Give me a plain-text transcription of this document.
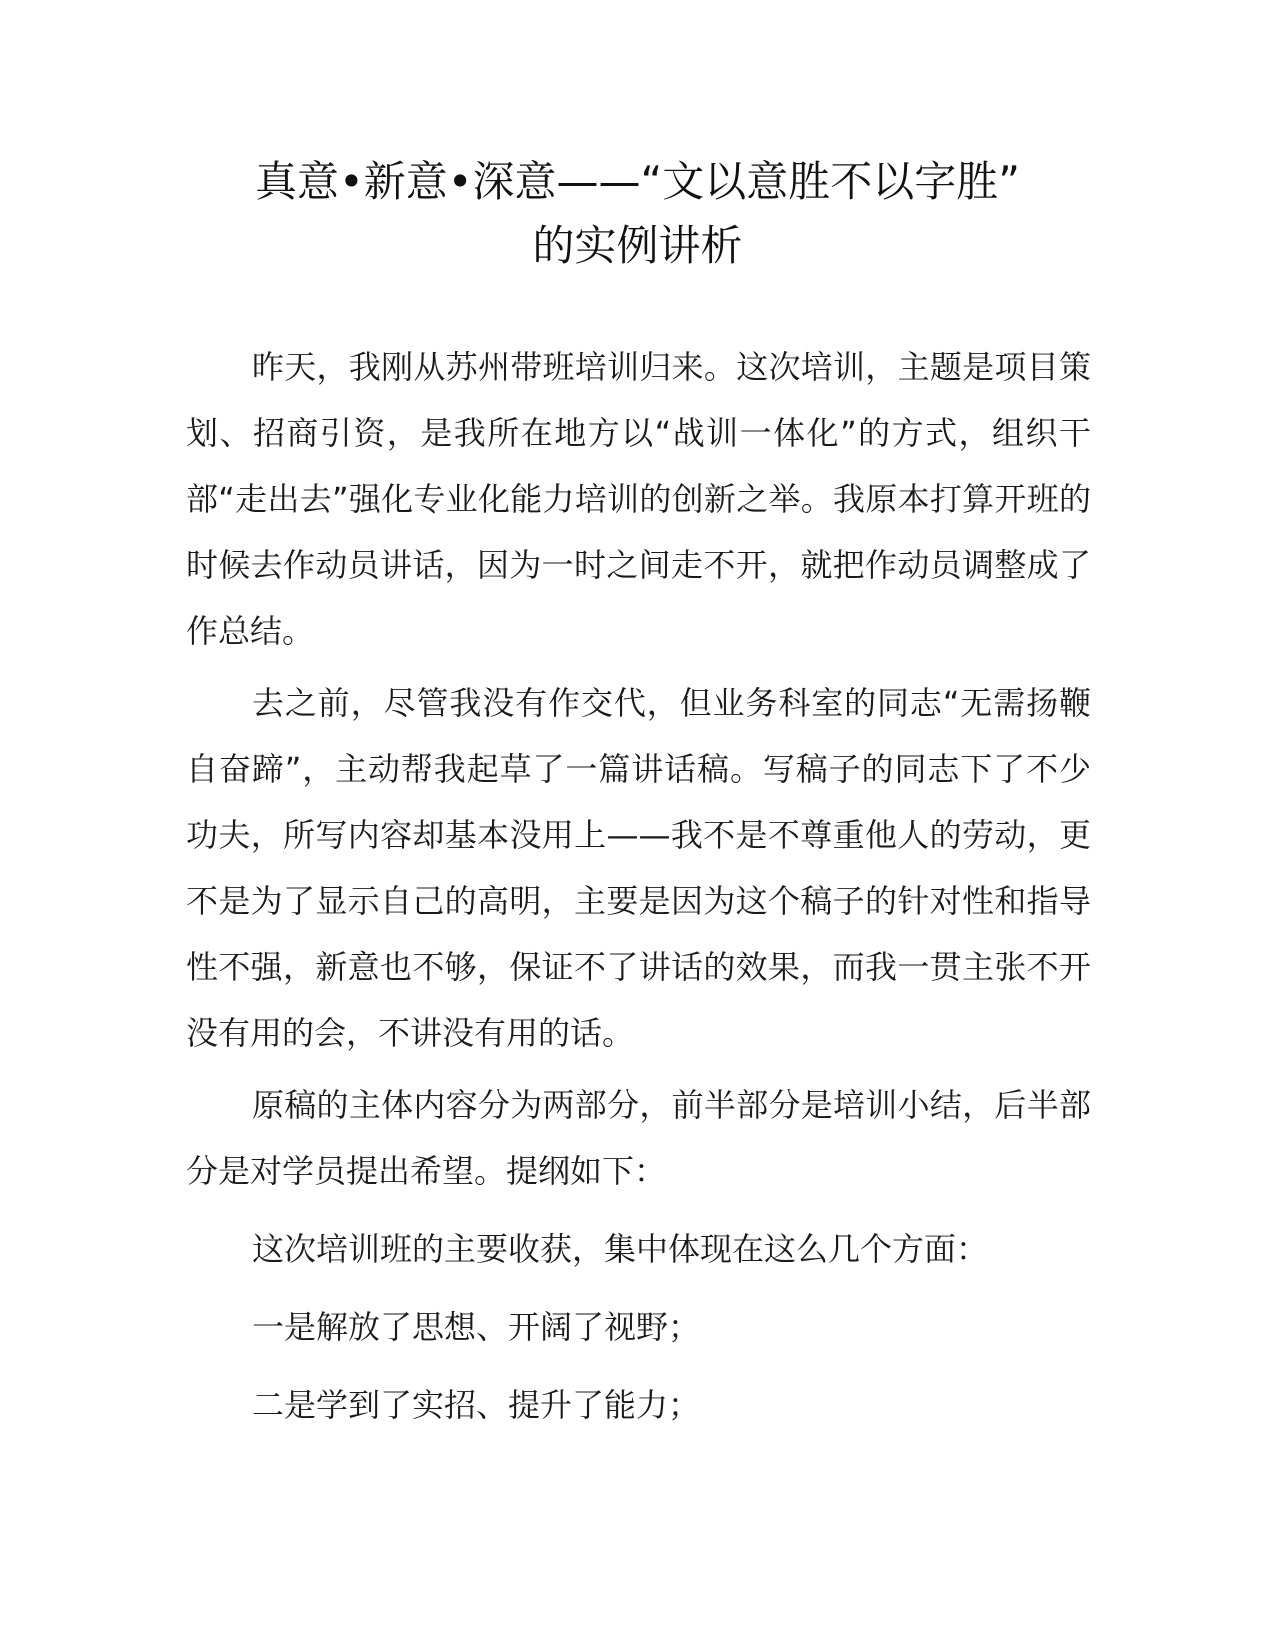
真意•新意•深意——“文以意胜不以字胜”
的实例讲析

昨天，我刚从苏州带班培训归来。这次培训，主题是项目策划、招商引资，是我所在地方以“战训一体化”的方式，组织干部“走出去”强化专业化能力培训的创新之举。我原本打算开班的时候去作动员讲话，因为一时之间走不开，就把作动员调整成了作总结。

去之前，尽管我没有作交代，但业务科室的同志“无需扬鞭自奋蹄”，主动帮我起草了一篇讲话稿。写稿子的同志下了不少功夫，所写内容却基本没用上——我不是不尊重他人的劳动，更不是为了显示自己的高明，主要是因为这个稿子的针对性和指导性不强，新意也不够，保证不了讲话的效果，而我一贯主张不开没有用的会，不讲没有用的话。

原稿的主体内容分为两部分，前半部分是培训小结，后半部分是对学员提出希望。提纲如下：

这次培训班的主要收获，集中体现在这么几个方面：

一是解放了思想、开阔了视野；

二是学到了实招、提升了能力；
